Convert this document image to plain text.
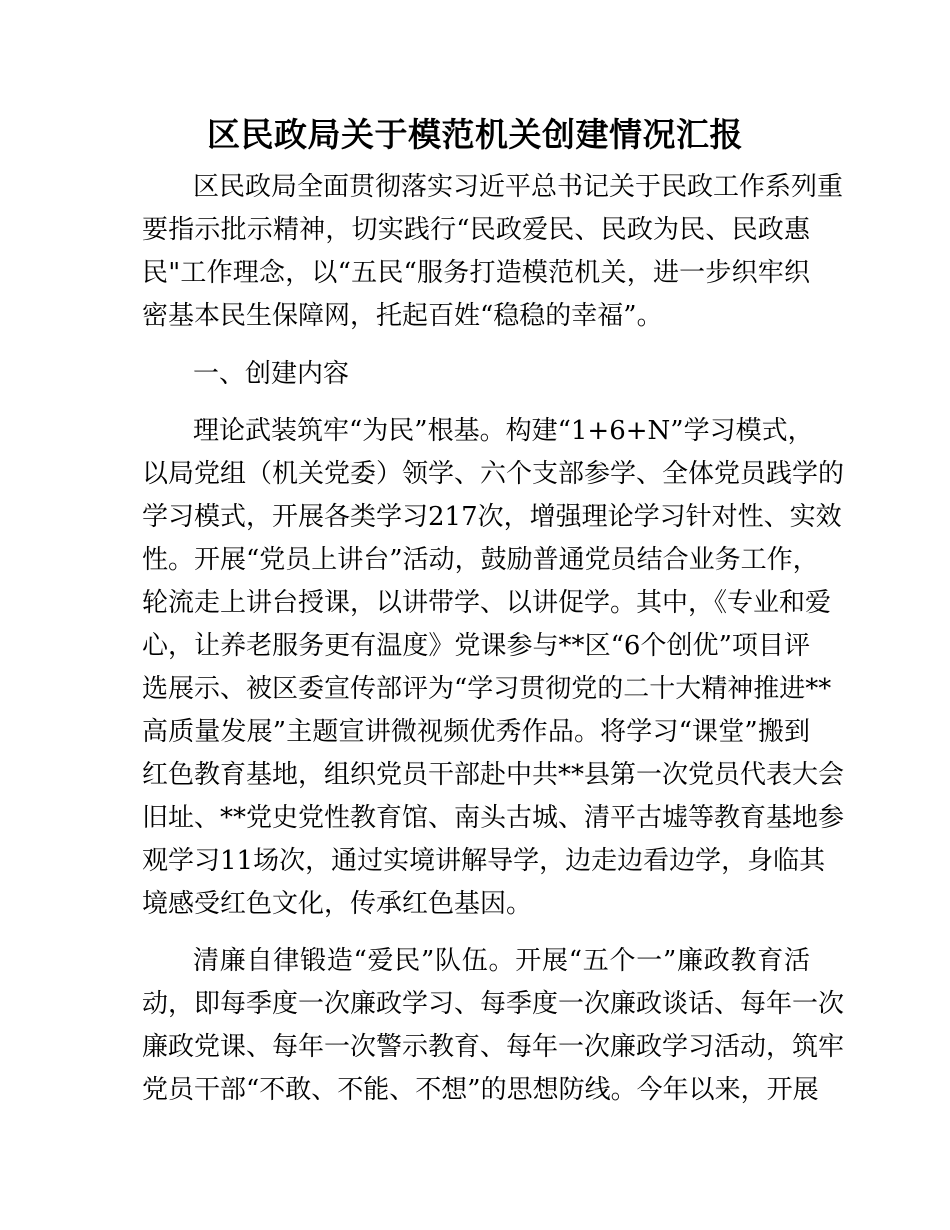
区民政局关于模范机关创建情况汇报
区民政局全面贯彻落实习近平总书记关于民政工作系列重
要指示批示精神，切实践行“民政爱民、民政为民、民政惠
民"工作理念，以“五民“服务打造模范机关，进一步织牢织
密基本民生保障网，托起百姓“稳稳的幸福”。
一、创建内容
理论武装筑牢“为民”根基。构建“1+6+N”学习模式，
以局党组（机关党委）领学、六个支部参学、全体党员践学的
学习模式，开展各类学习217次，增强理论学习针对性、实效
性。开展“党员上讲台”活动，鼓励普通党员结合业务工作，
轮流走上讲台授课，以讲带学、以讲促学。其中，《专业和爱
心，让养老服务更有温度》党课参与**区“6个创优”项目评
选展示、被区委宣传部评为“学习贯彻党的二十大精神推进**
高质量发展”主题宣讲微视频优秀作品。将学习“课堂”搬到
红色教育基地，组织党员干部赴中共**县第一次党员代表大会
旧址、**党史党性教育馆、南头古城、清平古墟等教育基地参
观学习11场次，通过实境讲解导学，边走边看边学，身临其
境感受红色文化，传承红色基因。
清廉自律锻造“爱民”队伍。开展“五个一”廉政教育活
动，即每季度一次廉政学习、每季度一次廉政谈话、每年一次
廉政党课、每年一次警示教育、每年一次廉政学习活动，筑牢
党员干部“不敢、不能、不想”的思想防线。今年以来，开展
